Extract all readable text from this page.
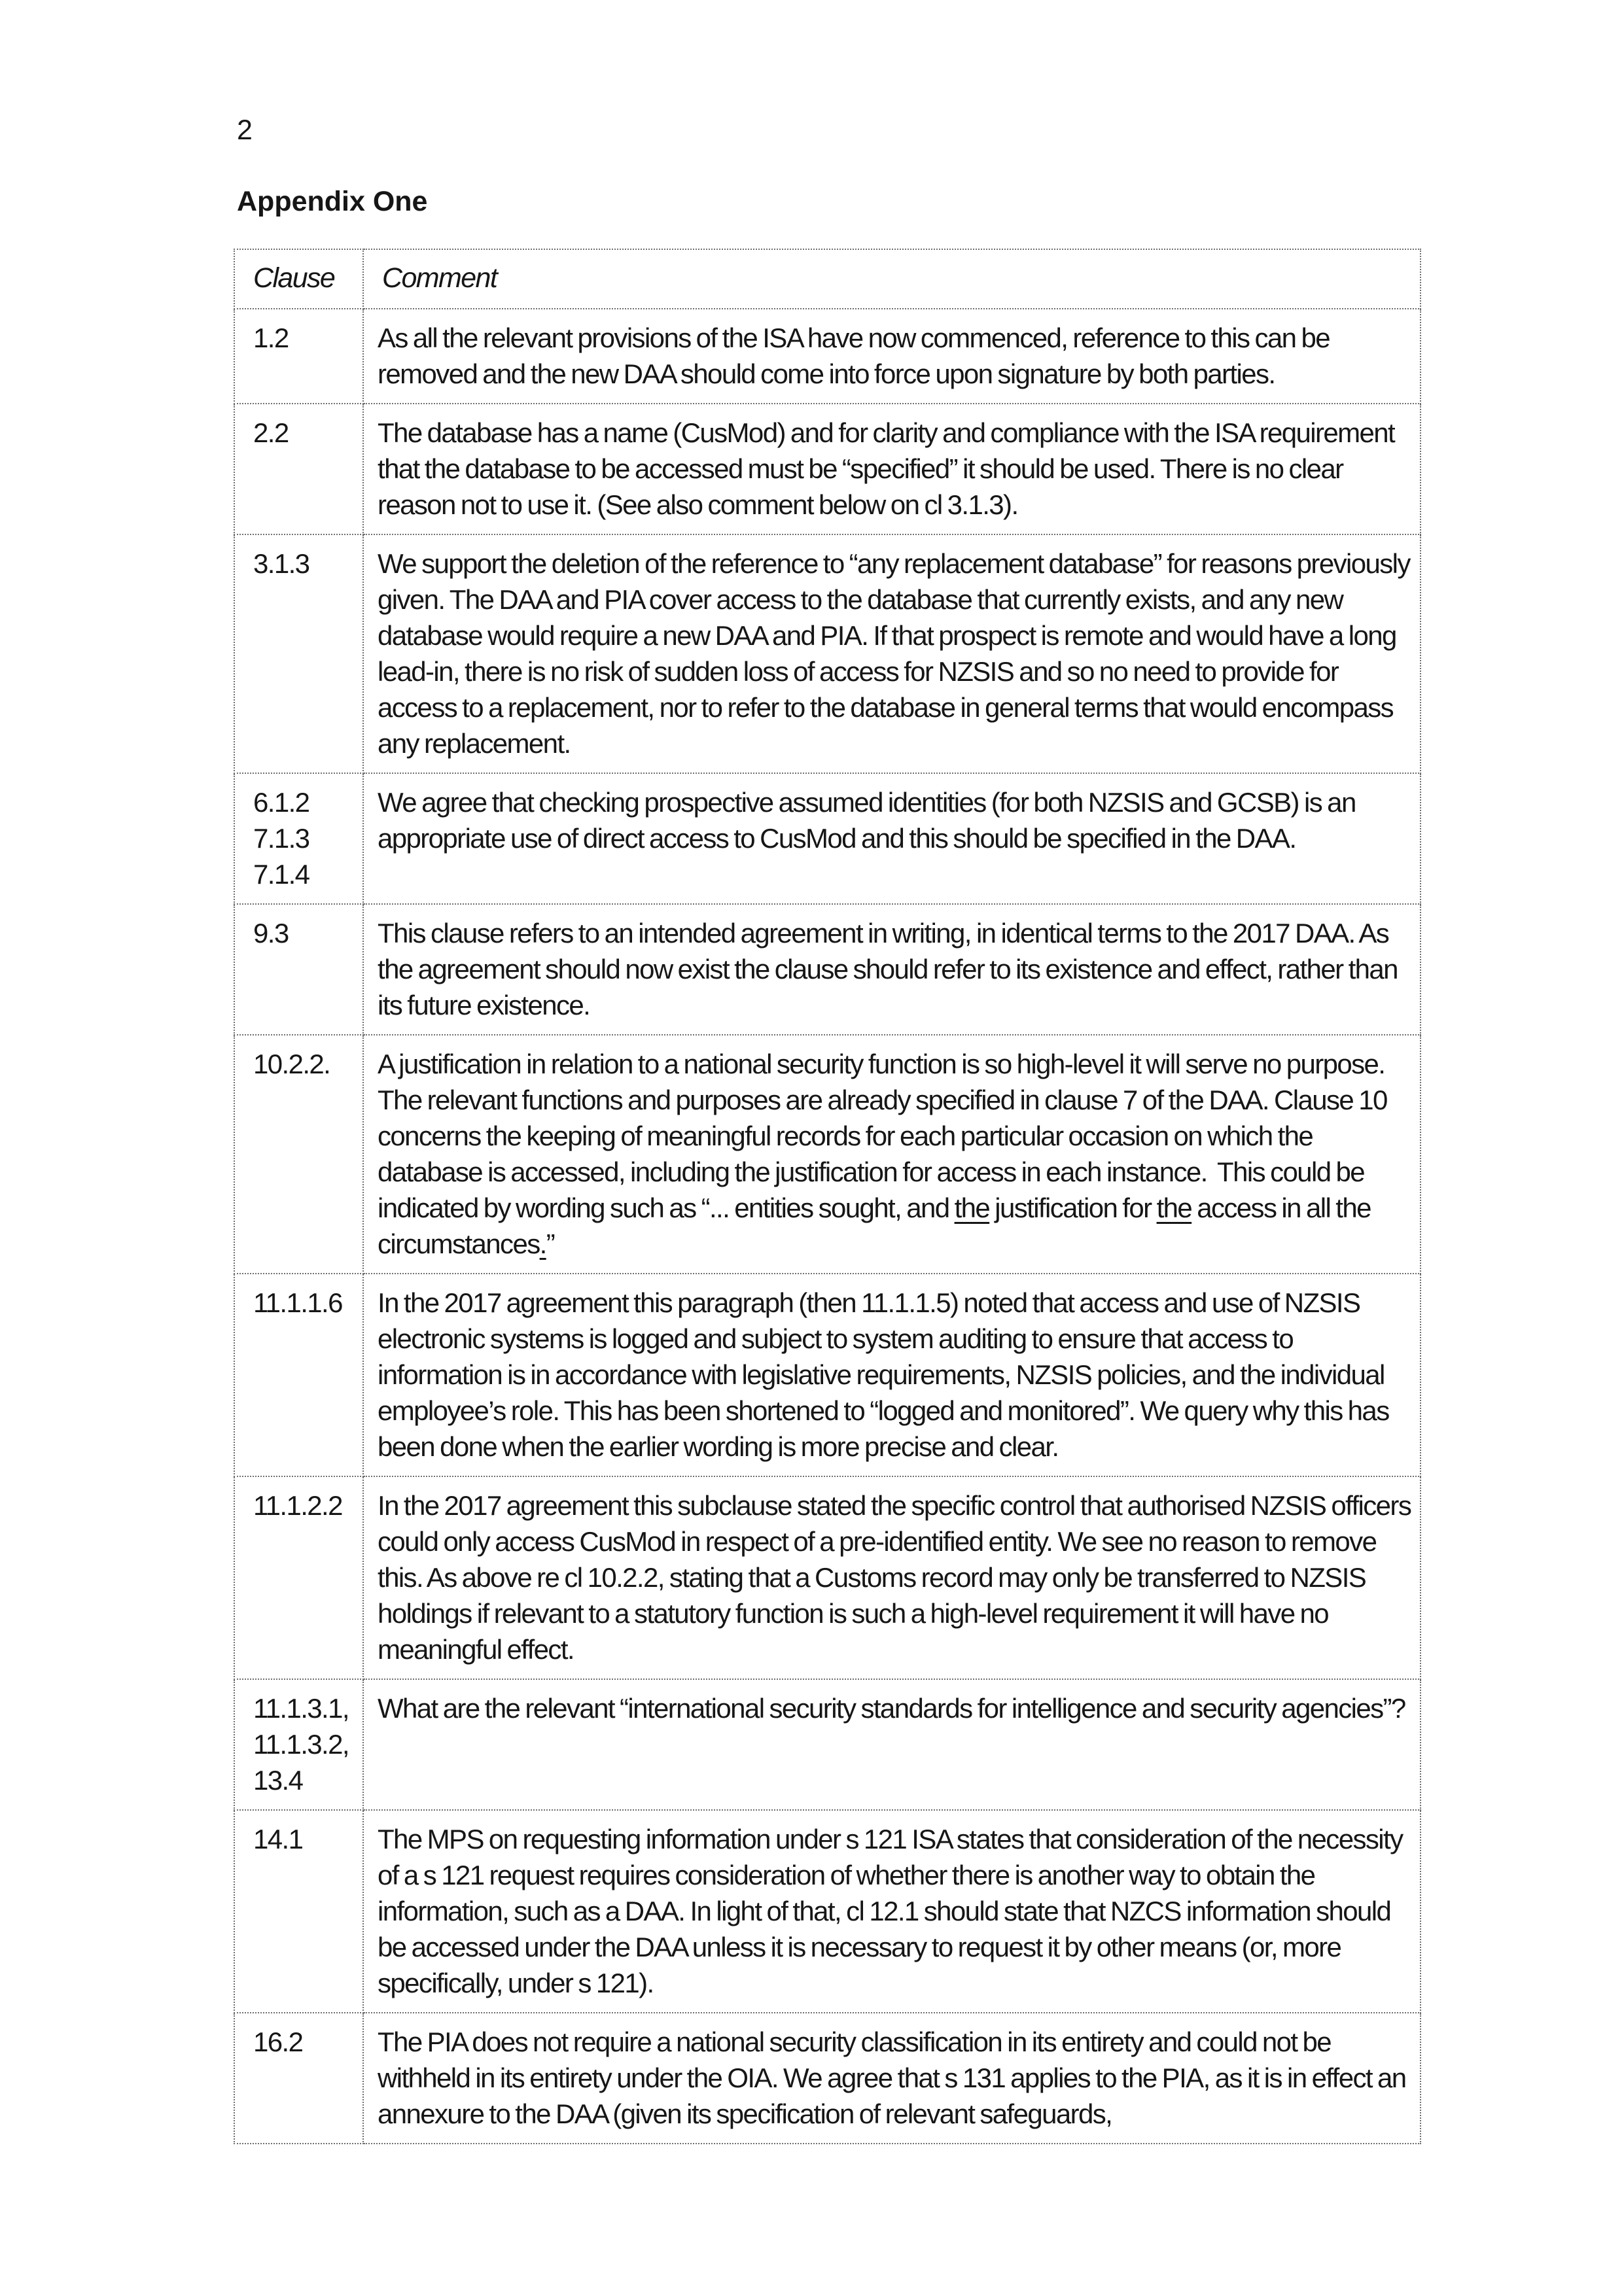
2
Appendix One
Clause	Comment

1.2	As all the relevant provisions of the ISA have now commenced, reference to this can be removed and the new DAA should come into force upon signature by both parties.

2.2	The database has a name (CusMod) and for clarity and compliance with the ISA requirement that the database to be accessed must be “specified” it should be used. There is no clear reason not to use it. (See also comment below on cl 3.1.3).

3.1.3	We support the deletion of the reference to “any replacement database” for reasons previously given. The DAA and PIA cover access to the database that currently exists, and any new database would require a new DAA and PIA. If that prospect is remote and would have a long lead-in, there is no risk of sudden loss of access for NZSIS and so no need to provide for access to a replacement, nor to refer to the database in general terms that would encompass any replacement.

6.1.2
7.1.3
7.1.4	We agree that checking prospective assumed identities (for both NZSIS and GCSB) is an appropriate use of direct access to CusMod and this should be specified in the DAA.

9.3	This clause refers to an intended agreement in writing, in identical terms to the 2017 DAA. As the agreement should now exist the clause should refer to its existence and effect, rather than its future existence.

10.2.2.	A justification in relation to a national security function is so high-level it will serve no purpose. The relevant functions and purposes are already specified in clause 7 of the DAA. Clause 10 concerns the keeping of meaningful records for each particular occasion on which the database is accessed, including the justification for access in each instance.  This could be indicated by wording such as “... entities sought, and the justification for the access in all the circumstances.”

11.1.1.6	In the 2017 agreement this paragraph (then 11.1.1.5) noted that access and use of NZSIS electronic systems is logged and subject to system auditing to ensure that access to information is in accordance with legislative requirements, NZSIS policies, and the individual employee’s role. This has been shortened to “logged and monitored”. We query why this has been done when the earlier wording is more precise and clear.

11.1.2.2	In the 2017 agreement this subclause stated the specific control that authorised NZSIS officers could only access CusMod in respect of a pre-identified entity. We see no reason to remove this. As above re cl 10.2.2, stating that a Customs record may only be transferred to NZSIS holdings if relevant to a statutory function is such a high-level requirement it will have no meaningful effect.

11.1.3.1,
11.1.3.2,
13.4	What are the relevant “international security standards for intelligence and security agencies”?

14.1	The MPS on requesting information under s 121 ISA states that consideration of the necessity of a s 121 request requires consideration of whether there is another way to obtain the information, such as a DAA. In light of that, cl 12.1 should state that NZCS information should be accessed under the DAA unless it is necessary to request it by other means (or, more specifically, under s 121).

16.2	The PIA does not require a national security classification in its entirety and could not be withheld in its entirety under the OIA. We agree that s 131 applies to the PIA, as it is in effect an annexure to the DAA (given its specification of relevant safeguards,
